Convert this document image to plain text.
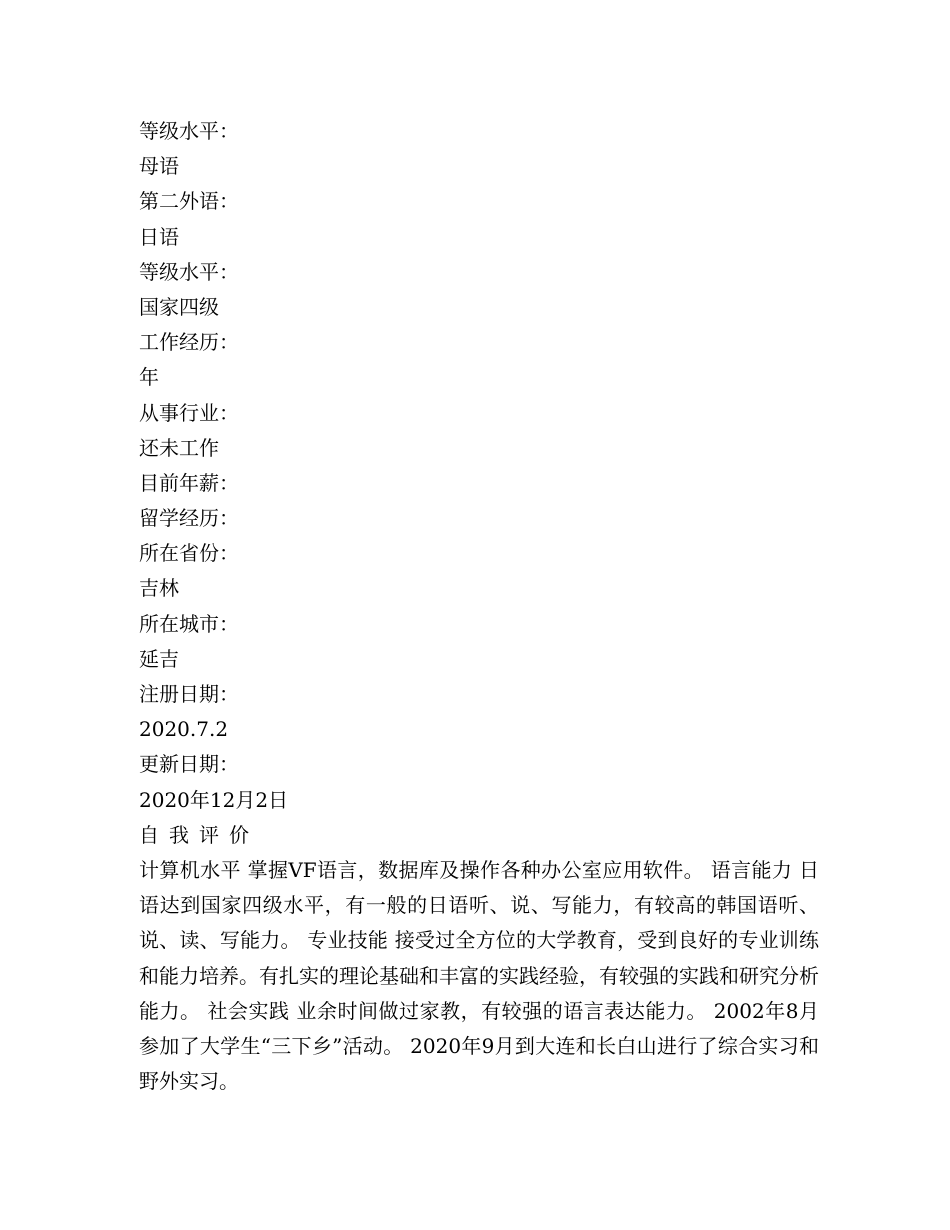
等级水平：
母语
第二外语：
日语
等级水平：
国家四级
工作经历：
年
从事行业：
还未工作
目前年薪：
留学经历：
所在省份：
吉林
所在城市：
延吉
注册日期：
2020.7.2
更新日期：
2020年12月2日
自我评价
计算机水平 掌握VF语言，数据库及操作各种办公室应用软件。 语言能力 日语达到国家四级水平，有一般的日语听、说、写能力，有较高的韩国语听、说、读、写能力。 专业技能 接受过全方位的大学教育，受到良好的专业训练和能力培养。有扎实的理论基础和丰富的实践经验，有较强的实践和研究分析能力。 社会实践 业余时间做过家教，有较强的语言表达能力。 2002年8月 参加了大学生“三下乡”活动。 2020年9月到大连和长白山进行了综合实习和野外实习。
